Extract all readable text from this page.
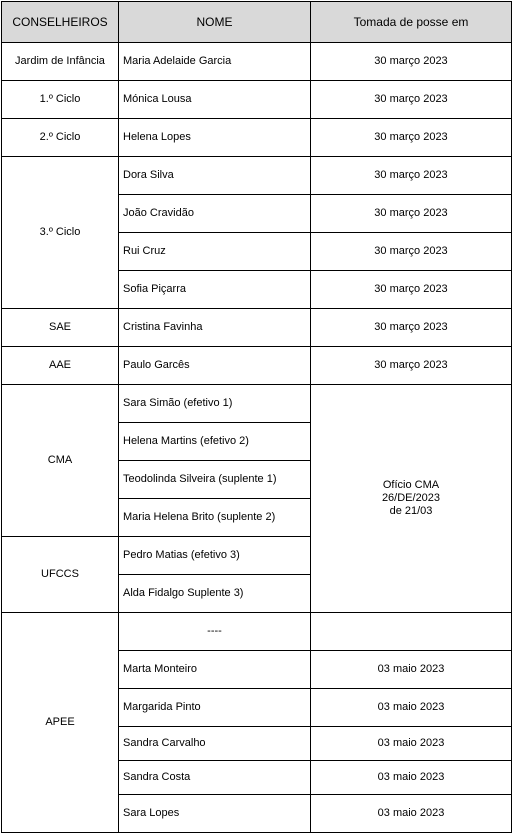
CONSELHEIROS	NOME	Tomada de posse em
Jardim de Infância	Maria Adelaide Garcia	30 março 2023
1.º Ciclo	Mónica Lousa	30 março 2023
2.º Ciclo	Helena Lopes	30 março 2023
3.º Ciclo	Dora Silva	30 março 2023
	João Cravidão	30 março 2023
	Rui Cruz	30 março 2023
	Sofia Piçarra	30 março 2023
SAE	Cristina Favinha	30 março 2023
AAE	Paulo Garcês	30 março 2023
CMA	Sara Simão (efetivo 1)	Ofício CMA
26/DE/2023
de 21/03
	Helena Martins (efetivo 2)	
	Teodolinda Silveira (suplente 1)	
	Maria Helena Brito (suplente 2)	
UFCCS	Pedro Matias (efetivo 3)	
	Alda Fidalgo Suplente 3)	
APEE	----	
	Marta Monteiro	03 maio 2023
	Margarida Pinto	03 maio 2023
	Sandra Carvalho	03 maio 2023
	Sandra Costa	03 maio 2023
	Sara Lopes	03 maio 2023
